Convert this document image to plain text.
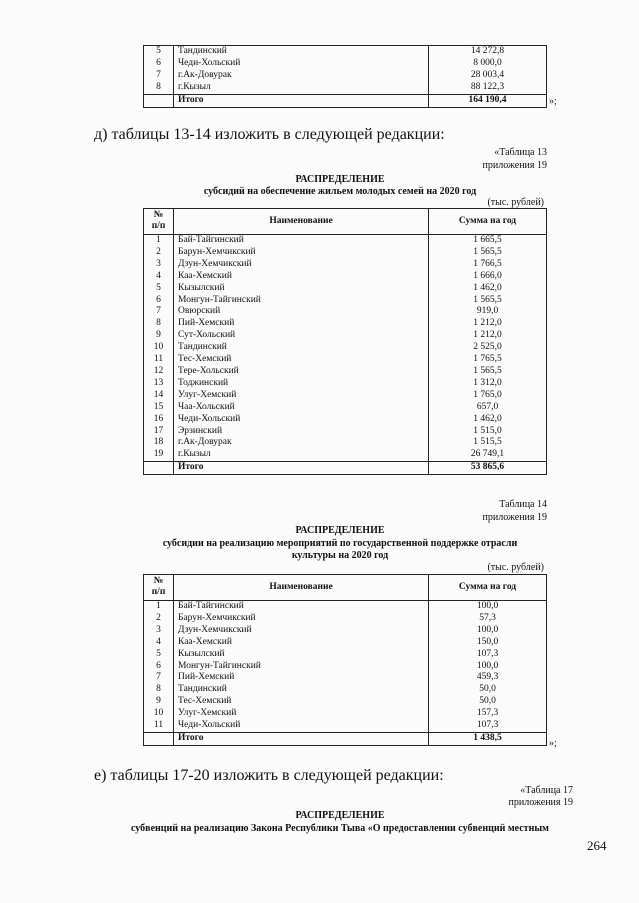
5	Тандинский	14 272,8
6	Чеди-Хольский	8 000,0
7	г.Ак-Довурак	28 003,4
8	г.Кызыл	88 122,3
	Итого	164 190,4	»;
д) таблицы 13-14 изложить в следующей редакции:
«Таблица 13
приложения 19
РАСПРЕДЕЛЕНИЕ
субсидий на обеспечение жильем молодых семей на 2020 год
(тыс. рублей)
№ п/п	Наименование	Сумма на год
1	Бай-Тайгинский	1 665,5
2	Барун-Хемчикский	1 565,5
3	Дзун-Хемчикский	1 766,5
4	Каа-Хемский	1 666,0
5	Кызылский	1 462,0
6	Монгун-Тайгинский	1 565,5
7	Овюрский	919,0
8	Пий-Хемский	1 212,0
9	Сут-Хольский	1 212,0
10	Тандинский	2 525,0
11	Тес-Хемский	1 765,5
12	Тере-Хольский	1 565,5
13	Тоджинский	1 312,0
14	Улуг-Хемский	1 765,0
15	Чаа-Хольский	657,0
16	Чеди-Хольский	1 462,0
17	Эрзинский	1 515,0
18	г.Ак-Довурак	1 515,5
19	г.Кызыл	26 749,1
	Итого	53 865,6
Таблица 14
приложения 19
РАСПРЕДЕЛЕНИЕ
субсидии на реализацию мероприятий по государственной поддержке отрасли
культуры на 2020 год
(тыс. рублей)
№ п/п	Наименование	Сумма на год
1	Бай-Тайгинский	100,0
2	Барун-Хемчикский	57,3
3	Дзун-Хемчикский	100,0
4	Каа-Хемский	150,0
5	Кызылский	107,3
6	Монгун-Тайгинский	100,0
7	Пий-Хемский	459,3
8	Тандинский	50,0
9	Тес-Хемский	50,0
10	Улуг-Хемский	157,3
11	Чеди-Хольский	107,3
	Итого	1 438,5
»;
е) таблицы 17-20 изложить в следующей редакции:
«Таблица 17
приложения 19
РАСПРЕДЕЛЕНИЕ
субвенций на реализацию Закона Республики Тыва «О предоставлении субвенций местным
264
